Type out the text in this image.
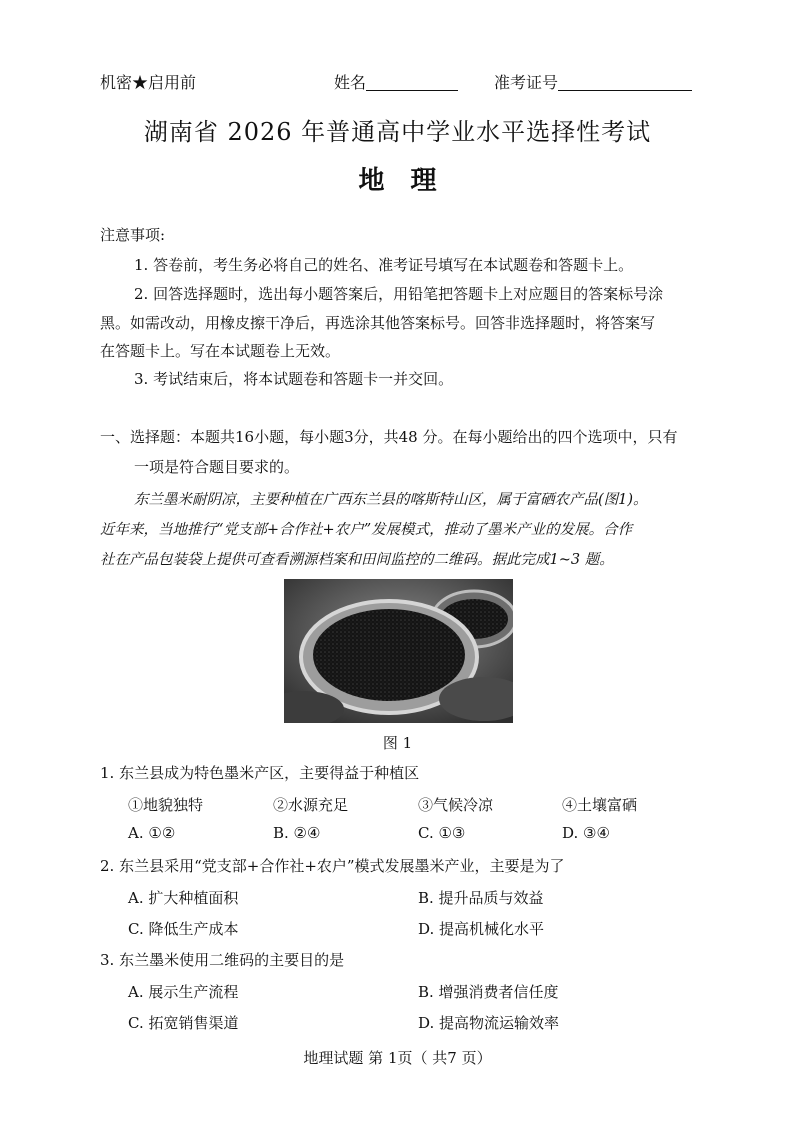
机密★启用前	姓名	准考证号
湖南省 2026 年普通高中学业水平选择性考试
地　理
注意事项:
1. 答卷前，考生务必将自己的姓名、准考证号填写在本试题卷和答题卡上。
2. 回答选择题时，选出每小题答案后，用铅笔把答题卡上对应题目的答案标号涂
黑。如需改动，用橡皮擦干净后，再选涂其他答案标号。回答非选择题时，将答案写
在答题卡上。写在本试题卷上无效。
3. 考试结束后，将本试题卷和答题卡一并交回。
一、选择题：本题共16小题，每小题3分，共48 分。在每小题给出的四个选项中，只有
一项是符合题目要求的。
东兰墨米耐阴凉，主要种植在广西东兰县的喀斯特山区，属于富硒农产品(图1)。
近年来，当地推行“党支部+合作社+农户”发展模式，推动了墨米产业的发展。合作
社在产品包装袋上提供可查看溯源档案和田间监控的二维码。据此完成1~3 题。
图 1
1. 东兰县成为特色墨米产区，主要得益于种植区
①地貌独特	②水源充足	③气候冷凉	④土壤富硒
A. ①②	B. ②④	C. ①③	D. ③④
2. 东兰县采用“党支部+合作社+农户”模式发展墨米产业，主要是为了
A. 扩大种植面积	B. 提升品质与效益
C. 降低生产成本	D. 提高机械化水平
3. 东兰墨米使用二维码的主要目的是
A. 展示生产流程	B. 增强消费者信任度
C. 拓宽销售渠道	D. 提高物流运输效率
地理试题 第 1页（ 共7 页）
